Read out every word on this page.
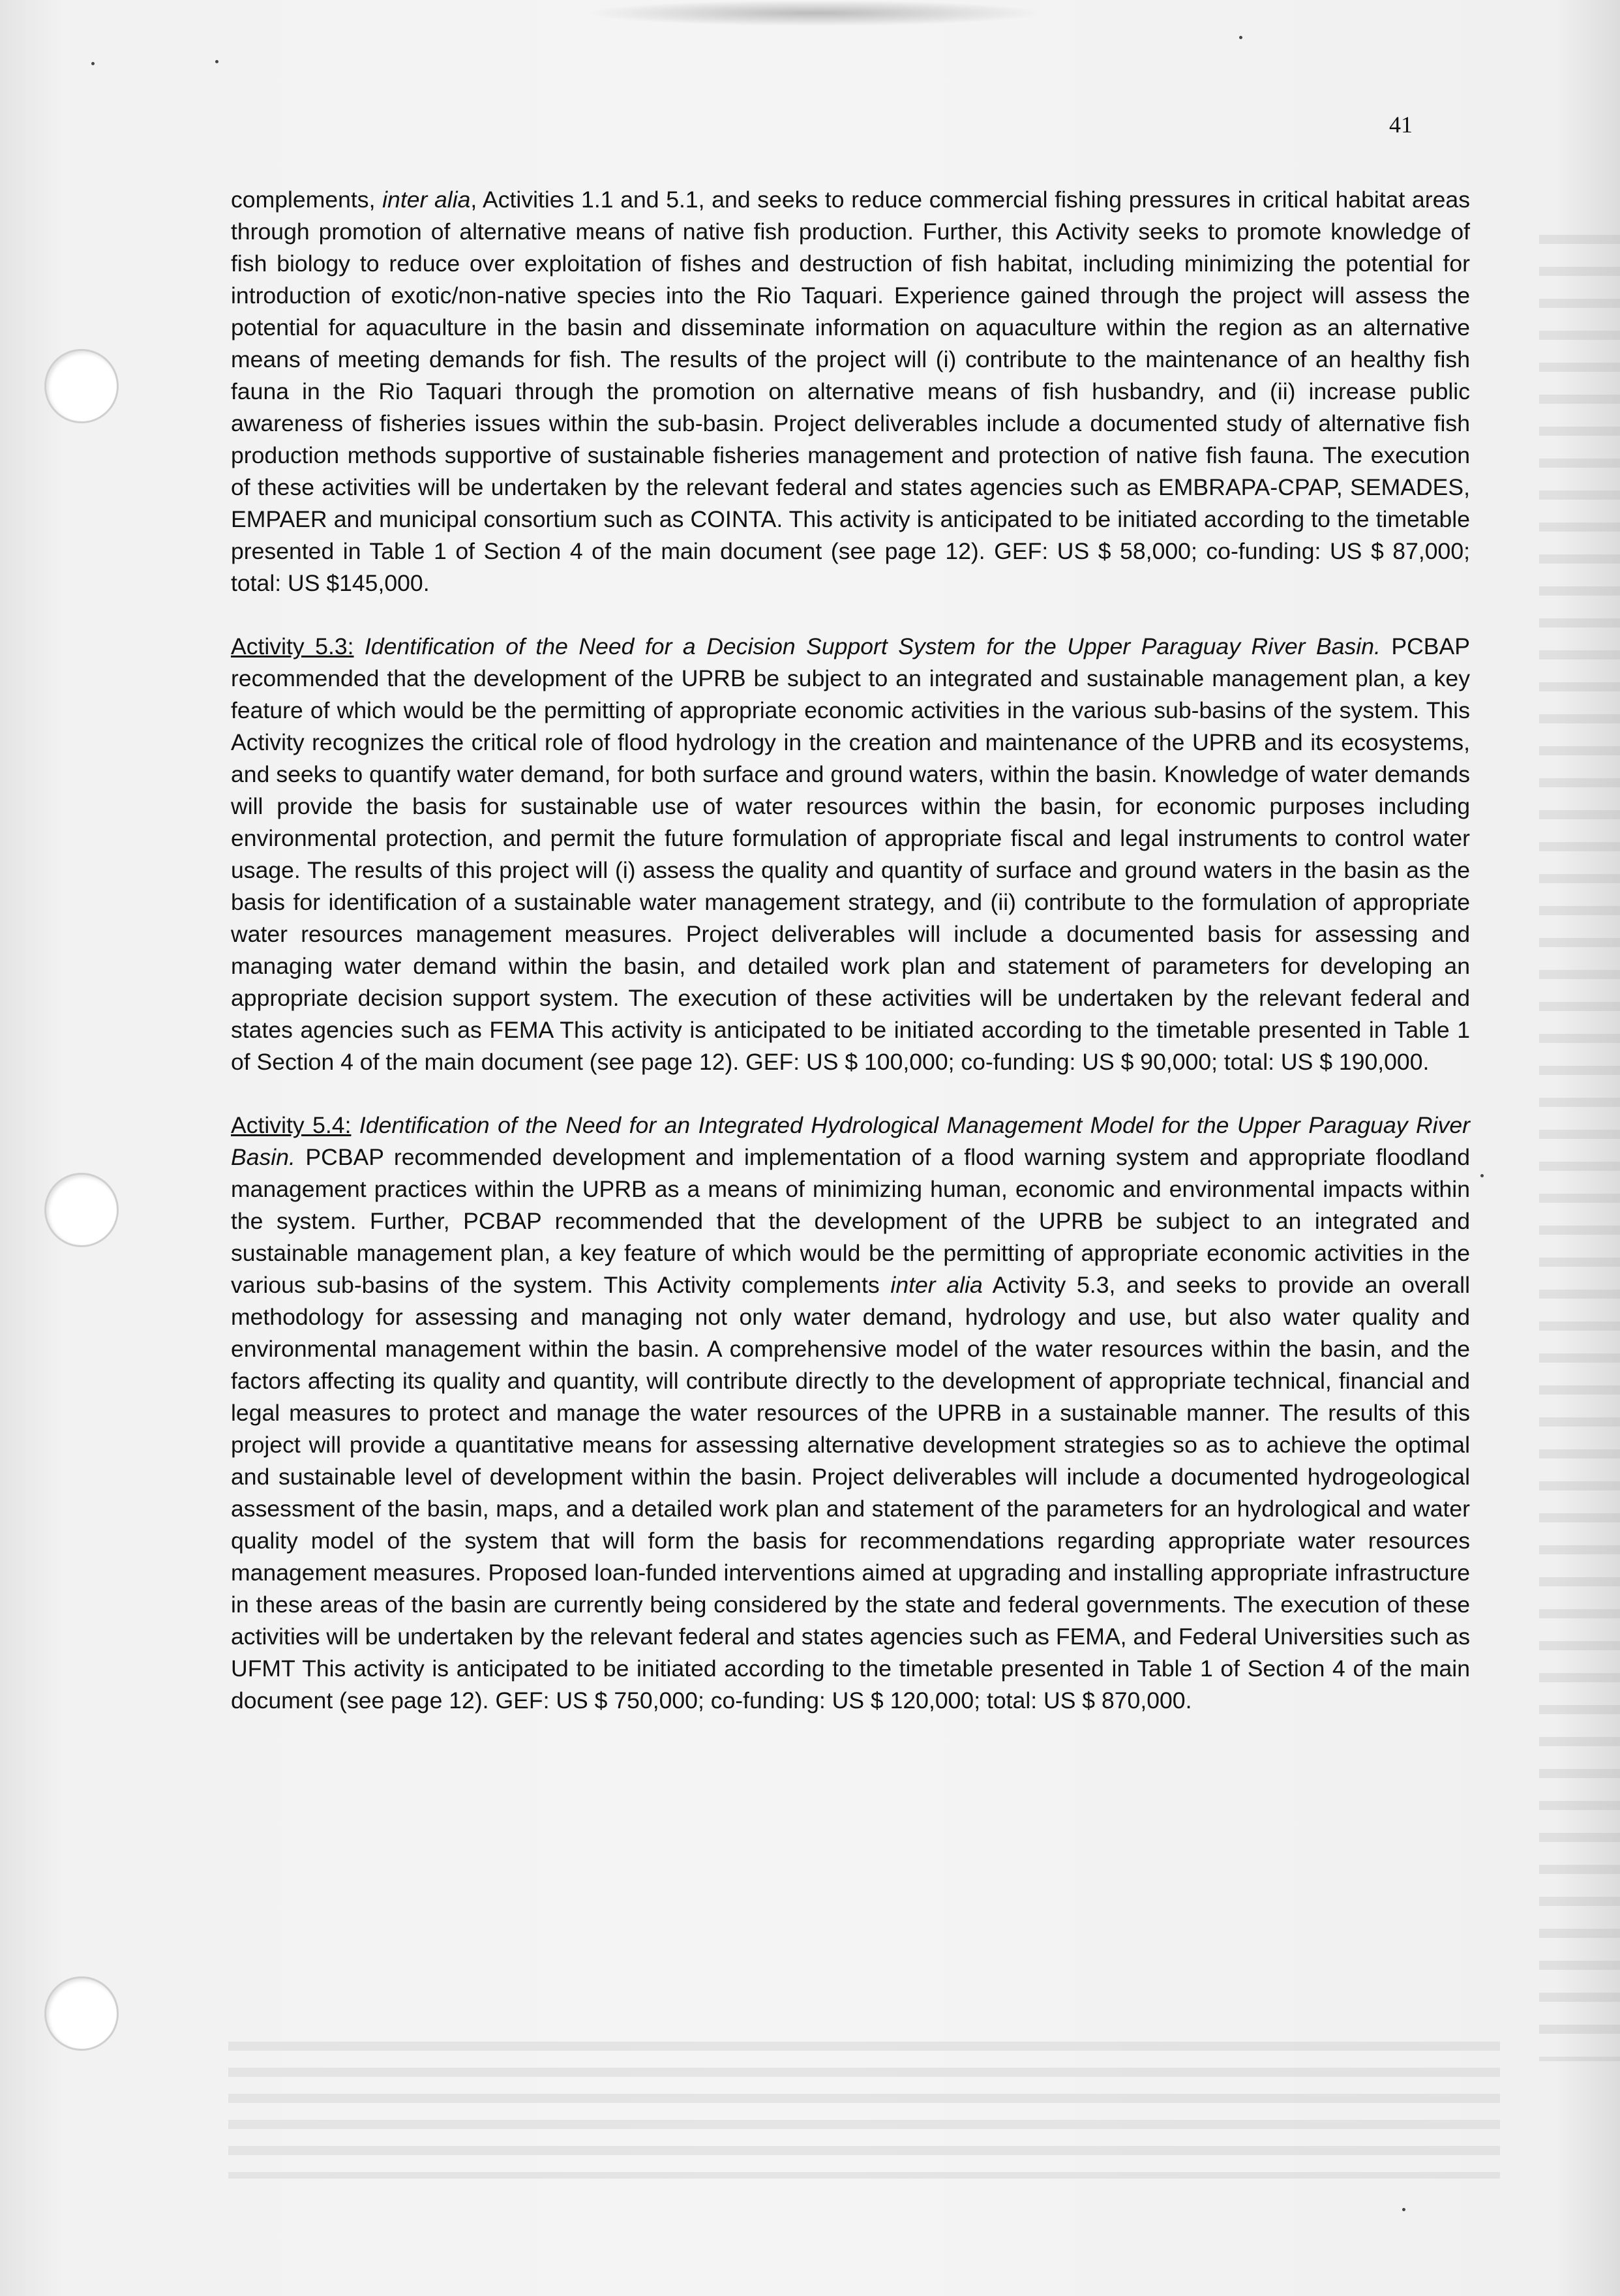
41

complements, inter alia, Activities 1.1 and 5.1, and seeks to reduce commercial fishing pressures in critical habitat areas through promotion of alternative means of native fish production. Further, this Activity seeks to promote knowledge of fish biology to reduce over exploitation of fishes and destruction of fish habitat, including minimizing the potential for introduction of exotic/non-native species into the Rio Taquari. Experience gained through the project will assess the potential for aquaculture in the basin and disseminate information on aquaculture within the region as an alternative means of meeting demands for fish. The results of the project will (i) contribute to the maintenance of an healthy fish fauna in the Rio Taquari through the promotion on alternative means of fish husbandry, and (ii) increase public awareness of fisheries issues within the sub-basin. Project deliverables include a documented study of alternative fish production methods supportive of sustainable fisheries management and protection of native fish fauna. The execution of these activities will be undertaken by the relevant federal and states agencies such as EMBRAPA-CPAP, SEMADES, EMPAER and municipal consortium such as COINTA. This activity is anticipated to be initiated according to the timetable presented in Table 1 of Section 4 of the main document (see page 12). GEF: US $ 58,000; co-funding: US $ 87,000; total: US $145,000.

Activity 5.3: Identification of the Need for a Decision Support System for the Upper Paraguay River Basin. PCBAP recommended that the development of the UPRB be subject to an integrated and sustainable management plan, a key feature of which would be the permitting of appropriate economic activities in the various sub-basins of the system. This Activity recognizes the critical role of flood hydrology in the creation and maintenance of the UPRB and its ecosystems, and seeks to quantify water demand, for both surface and ground waters, within the basin. Knowledge of water demands will provide the basis for sustainable use of water resources within the basin, for economic purposes including environmental protection, and permit the future formulation of appropriate fiscal and legal instruments to control water usage. The results of this project will (i) assess the quality and quantity of surface and ground waters in the basin as the basis for identification of a sustainable water management strategy, and (ii) contribute to the formulation of appropriate water resources management measures. Project deliverables will include a documented basis for assessing and managing water demand within the basin, and detailed work plan and statement of parameters for developing an appropriate decision support system. The execution of these activities will be undertaken by the relevant federal and states agencies such as FEMA This activity is anticipated to be initiated according to the timetable presented in Table 1 of Section 4 of the main document (see page 12). GEF: US $ 100,000; co-funding: US $ 90,000; total: US $ 190,000.

Activity 5.4: Identification of the Need for an Integrated Hydrological Management Model for the Upper Paraguay River Basin. PCBAP recommended development and implementation of a flood warning system and appropriate floodland management practices within the UPRB as a means of minimizing human, economic and environmental impacts within the system. Further, PCBAP recommended that the development of the UPRB be subject to an integrated and sustainable management plan, a key feature of which would be the permitting of appropriate economic activities in the various sub-basins of the system. This Activity complements inter alia Activity 5.3, and seeks to provide an overall methodology for assessing and managing not only water demand, hydrology and use, but also water quality and environmental management within the basin. A comprehensive model of the water resources within the basin, and the factors affecting its quality and quantity, will contribute directly to the development of appropriate technical, financial and legal measures to protect and manage the water resources of the UPRB in a sustainable manner. The results of this project will provide a quantitative means for assessing alternative development strategies so as to achieve the optimal and sustainable level of development within the basin. Project deliverables will include a documented hydrogeological assessment of the basin, maps, and a detailed work plan and statement of the parameters for an hydrological and water quality model of the system that will form the basis for recommendations regarding appropriate water resources management measures. Proposed loan-funded interventions aimed at upgrading and installing appropriate infrastructure in these areas of the basin are currently being considered by the state and federal governments. The execution of these activities will be undertaken by the relevant federal and states agencies such as FEMA, and Federal Universities such as UFMT This activity is anticipated to be initiated according to the timetable presented in Table 1 of Section 4 of the main document (see page 12). GEF: US $ 750,000; co-funding: US $ 120,000; total: US $ 870,000.
